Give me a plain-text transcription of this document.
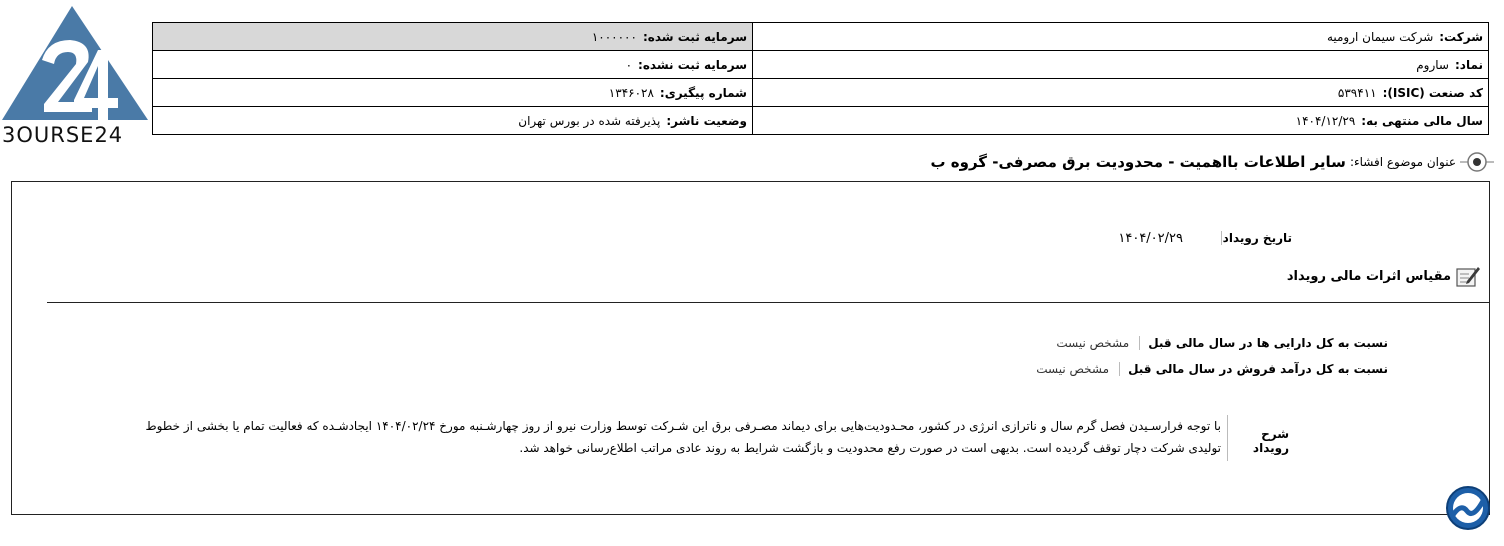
3OURSE24
شرکت:شرکت سیمان ارومیه	سرمایه ثبت شده:۱۰۰۰۰۰۰
نماد:ساروم	سرمایه ثبت نشده:۰
کد صنعت (ISIC):۵۳۹۴۱۱	شماره پیگیری:۱۳۴۶۰۲۸
سال مالی منتهی به:۱۴۰۴/۱۲/۲۹	وضعیت ناشر:پذیرفته شده در بورس تهران
عنوان موضوع افشاء:
سایر اطلاعات بااهمیت - محدودیت برق مصرفی- گروه ب
تاریخ رویداد
۱۴۰۴/۰۲/۲۹
مقیاس اثرات مالی رویداد
نسبت به کل دارایی ها در سال مالی قبل
مشخص نیست
نسبت به کل درآمد فروش در سال مالی قبل
مشخص نیست
شرح رویداد
با توجه فرارسـیدن فصل گرم سال و ناترازی انرژی در کشور، محـدودیت‌هایی برای دیماند مصـرفی برق این شـرکت توسط وزارت نیرو از روز چهارشـنبه مورخ ۱۴۰۴/۰۲/۲۴ ایجادشـده که فعالیت تمام یا بخشی از خطوط تولیدی شرکت دچار توقف گردیده است. بدیهی است در صورت رفع محدودیت و بازگشت شرایط به روند عادی مراتب اطلاع‌رسانی خواهد شد.
